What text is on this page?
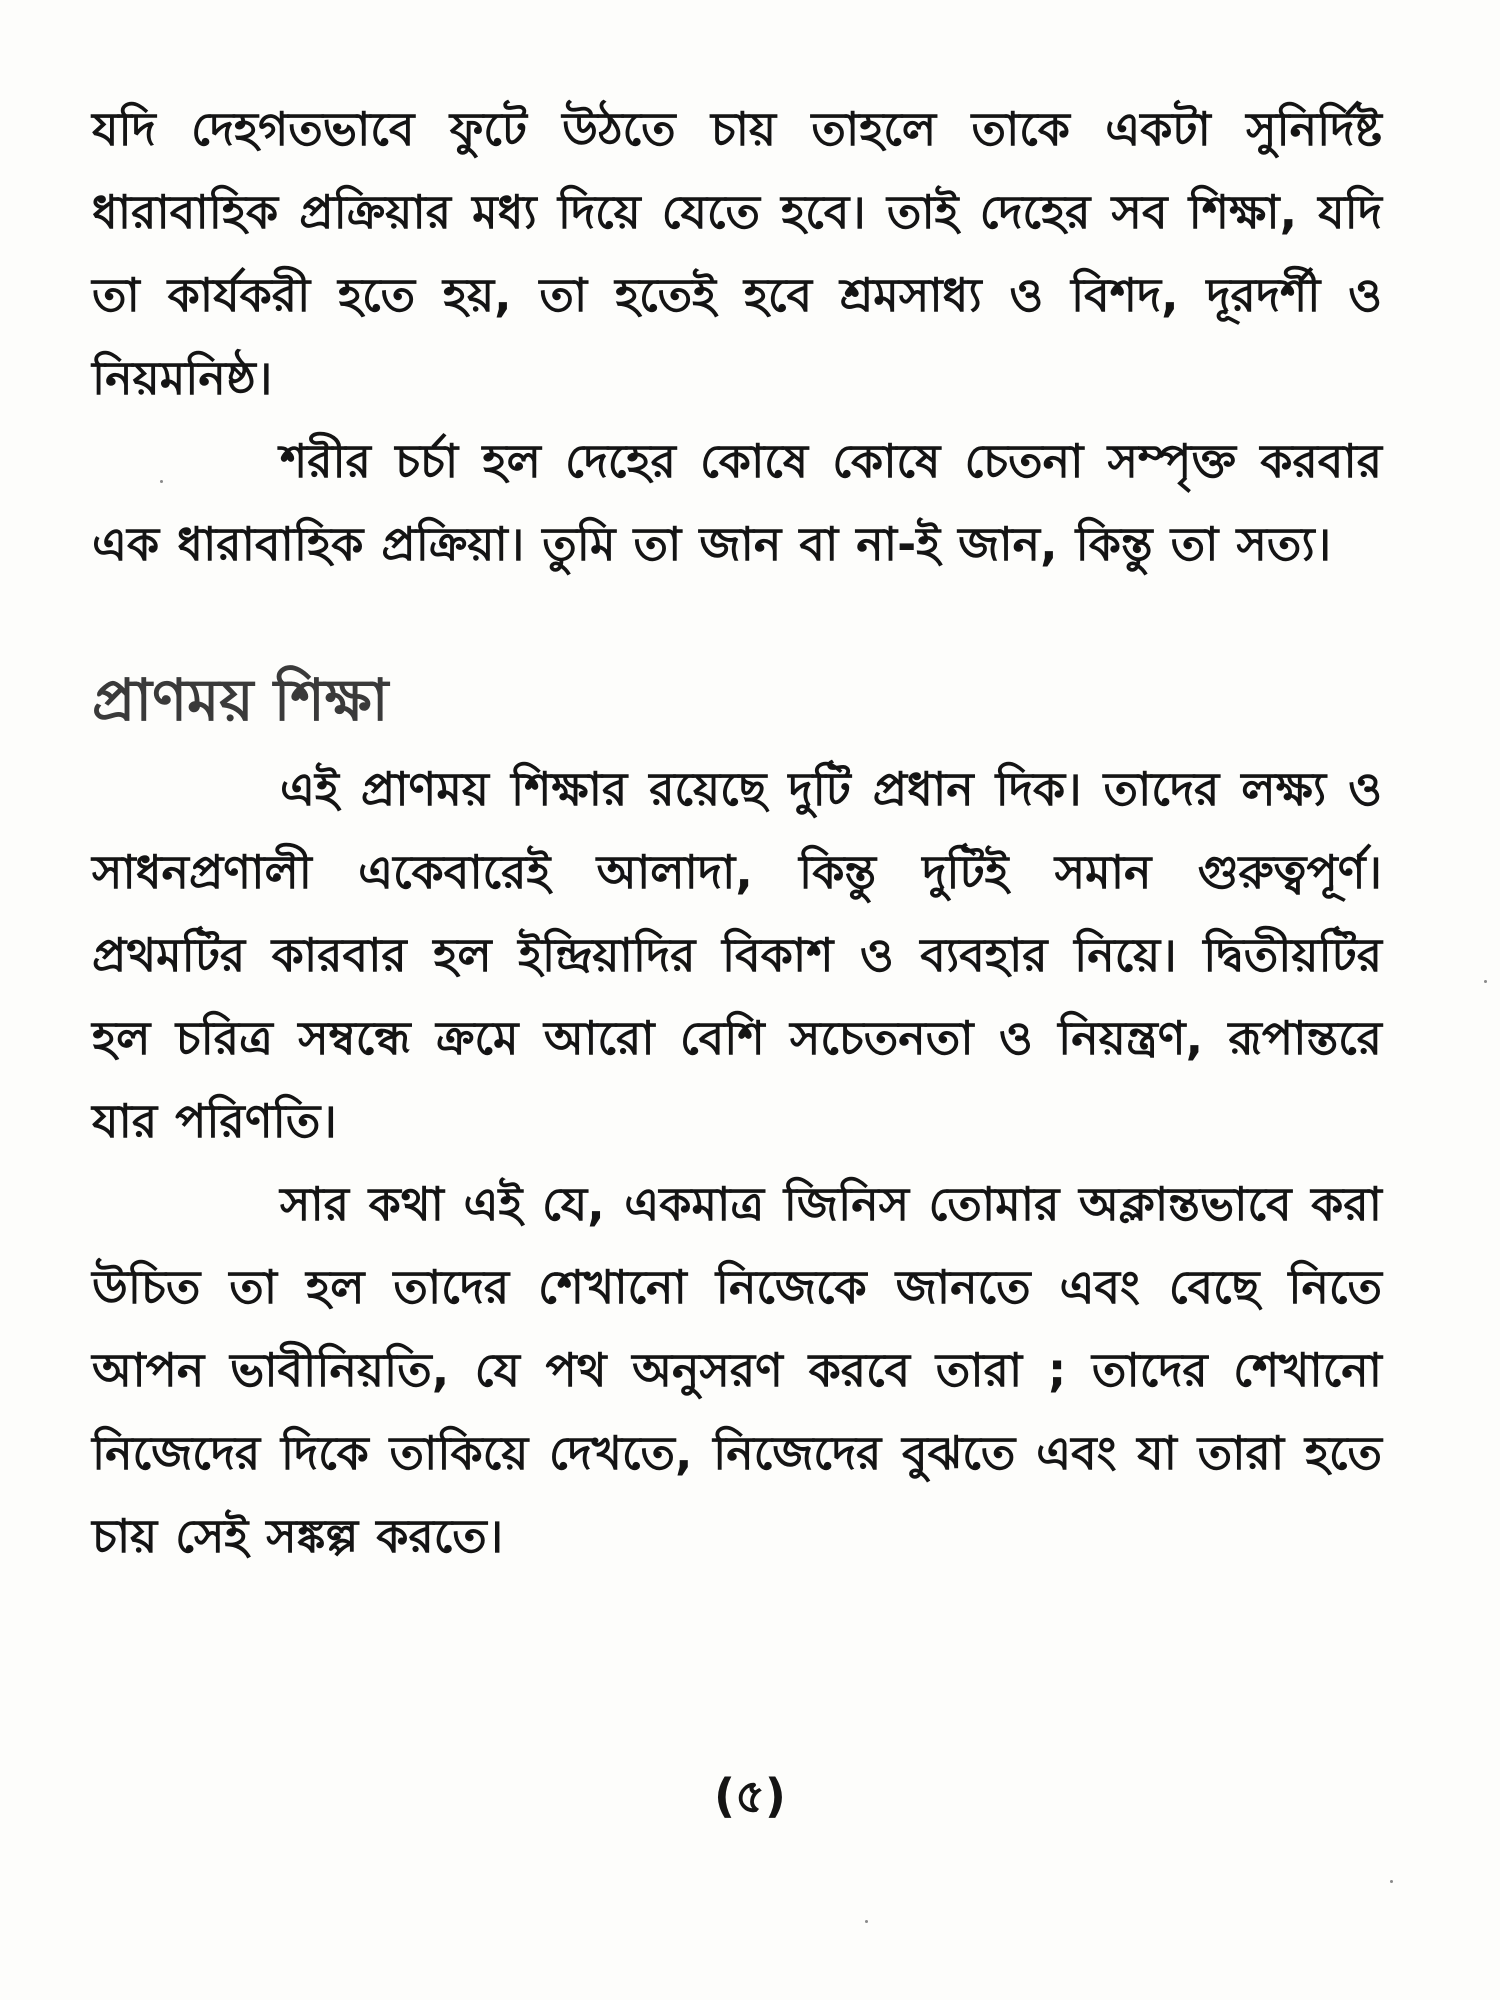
যদি দেহগতভাবে ফুটে উঠতে চায় তাহলে তাকে একটা সুনির্দিষ্ট ধারাবাহিক প্রক্রিয়ার মধ্য দিয়ে যেতে হবে। তাই দেহের সব শিক্ষা, যদি তা কার্যকরী হতে হয়, তা হতেই হবে শ্রমসাধ্য ও বিশদ, দূরদর্শী ও নিয়মনিষ্ঠ।

শরীর চর্চা হল দেহের কোষে কোষে চেতনা সম্পৃক্ত করবার এক ধারাবাহিক প্রক্রিয়া। তুমি তা জান বা না-ই জান, কিন্তু তা সত্য।

প্রাণময় শিক্ষা

এই প্রাণময় শিক্ষার রয়েছে দুটি প্রধান দিক। তাদের লক্ষ্য ও সাধনপ্রণালী একেবারেই আলাদা, কিন্তু দুটিই সমান গুরুত্বপূর্ণ। প্রথমটির কারবার হল ইন্দ্রিয়াদির বিকাশ ও ব্যবহার নিয়ে। দ্বিতীয়টির হল চরিত্র সম্বন্ধে ক্রমে আরো বেশি সচেতনতা ও নিয়ন্ত্রণ, রূপান্তরে যার পরিণতি।

সার কথা এই যে, একমাত্র জিনিস তোমার অক্লান্তভাবে করা উচিত তা হল তাদের শেখানো নিজেকে জানতে এবং বেছে নিতে আপন ভাবীনিয়তি, যে পথ অনুসরণ করবে তারা ; তাদের শেখানো নিজেদের দিকে তাকিয়ে দেখতে, নিজেদের বুঝতে এবং যা তারা হতে চায় সেই সঙ্কল্প করতে।

(৫)
